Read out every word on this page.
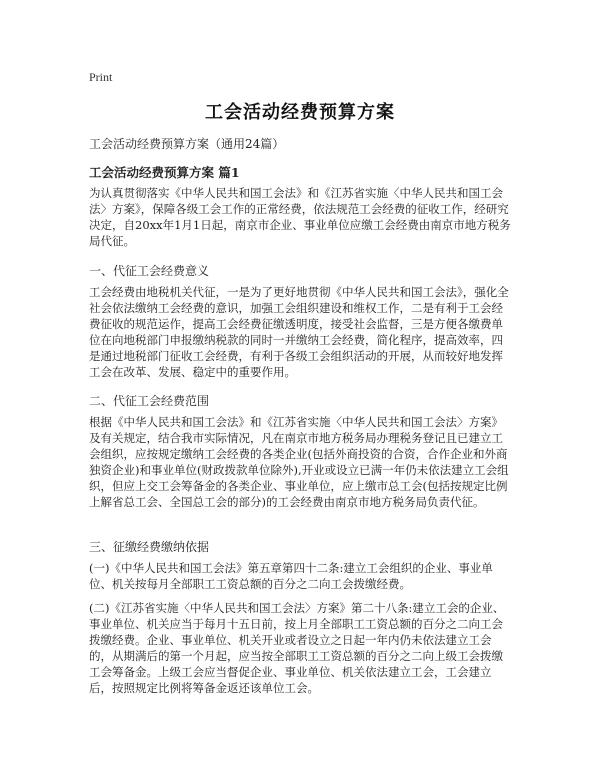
Print
工会活动经费预算方案
工会活动经费预算方案（通用24篇）
工会活动经费预算方案 篇1

为认真贯彻落实《中华人民共和国工会法》和《江苏省实施〈中华人民共和国工会法〉方案》，保障各级工会工作的正常经费，依法规范工会经费的征收工作，经研究决定，自20xx年1月1日起，南京市企业、事业单位应缴工会经费由南京市地方税务局代征。

一、代征工会经费意义

工会经费由地税机关代征，一是为了更好地贯彻《中华人民共和国工会法》，强化全社会依法缴纳工会经费的意识，加强工会组织建设和维权工作，二是有利于工会经费征收的规范运作，提高工会经费征缴透明度，接受社会监督，三是方便各缴费单位在向地税部门申报缴纳税款的同时一并缴纳工会经费，简化程序，提高效率，四是通过地税部门征收工会经费，有利于各级工会组织活动的开展，从而较好地发挥工会在改革、发展、稳定中的重要作用。

二、代征工会经费范围

根据《中华人民共和国工会法》和《江苏省实施〈中华人民共和国工会法〉方案》及有关规定，结合我市实际情况，凡在南京市地方税务局办理税务登记且已建立工会组织，应按规定缴纳工会经费的各类企业(包括外商投资的合资，合作企业和外商独资企业)和事业单位(财政拨款单位除外),开业或设立已满一年仍未依法建立工会组织，但应上交工会筹备金的各类企业、事业单位，应上缴市总工会(包括按规定比例上解省总工会、全国总工会的部分)的工会经费由南京市地方税务局负责代征。

三、征缴经费缴纳依据

(一)《中华人民共和国工会法》第五章第四十二条:建立工会组织的企业、事业单位、机关按每月全部职工工资总额的百分之二向工会拨缴经费。

(二)《江苏省实施〈中华人民共和国工会法〉方案》第二十八条:建立工会的企业、事业单位、机关应当于每月十五日前，按上月全部职工工资总额的百分之二向工会拨缴经费。企业、事业单位、机关开业或者设立之日起一年内仍未依法建立工会的，从期满后的第一个月起，应当按全部职工工资总额的百分之二向上级工会拨缴工会筹备金。上级工会应当督促企业、事业单位、机关依法建立工会，工会建立后，按照规定比例将筹备金返还该单位工会。
